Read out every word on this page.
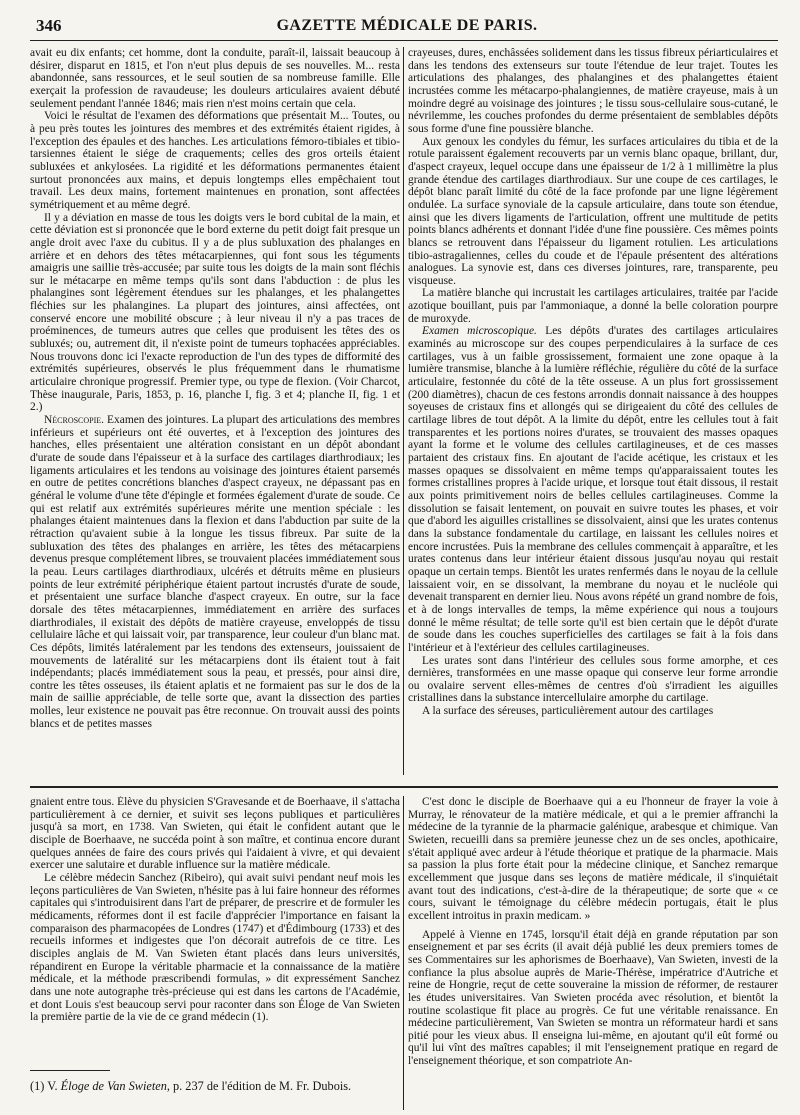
346	GAZETTE MÉDICALE DE PARIS.

avait eu dix enfants; cet homme, dont la conduite, paraît-il, laissait beaucoup à désirer, disparut en 1815, et l'on n'eut plus depuis de ses nouvelles. M... resta abandonnée, sans ressources, et le seul soutien de sa nombreuse famille. Elle exerçait la profession de ravaudeuse; les douleurs articulaires avaient débuté seulement pendant l'année 1846; mais rien n'est moins certain que cela.

Voici le résultat de l'examen des déformations que présentait M... Toutes, ou à peu près toutes les jointures des membres et des extrémités étaient rigides, à l'exception des épaules et des hanches. Les articulations fémoro-tibiales et tibio-tarsiennes étaient le siége de craquements; celles des gros orteils étaient subluxées et ankylosées. La rigidité et les déformations permanentes étaient surtout prononcées aux mains, et depuis longtemps elles empêchaient tout travail. Les deux mains, fortement maintenues en pronation, sont affectées symétriquement et au même degré.

Il y a déviation en masse de tous les doigts vers le bord cubital de la main, et cette déviation est si prononcée que le bord externe du petit doigt fait presque un angle droit avec l'axe du cubitus. Il y a de plus subluxation des phalanges en arrière et en dehors des têtes métacarpiennes, qui font sous les téguments amaigris une saillie très-accusée; par suite tous les doigts de la main sont fléchis sur le métacarpe en même temps qu'ils sont dans l'abduction : de plus les phalangines sont légèrement étendues sur les phalanges, et les phalangettes fléchies sur les phalangines. La plupart des jointures, ainsi affectées, ont conservé encore une mobilité obscure ; à leur niveau il n'y a pas traces de proéminences, de tumeurs autres que celles que produisent les têtes des os subluxés; ou, autrement dit, il n'existe point de tumeurs tophacées appréciables. Nous trouvons donc ici l'exacte reproduction de l'un des types de difformité des extrémités supérieures, observés le plus fréquemment dans le rhumatisme articulaire chronique progressif. Premier type, ou type de flexion. (Voir Charcot, Thèse inaugurale, Paris, 1853, p. 16, planche I, fig. 3 et 4; planche II, fig. 1 et 2.)

Nécroscopie. Examen des jointures. La plupart des articulations des membres inférieurs et supérieurs ont été ouvertes, et à l'exception des jointures des hanches, elles présentaient une altération consistant en un dépôt abondant d'urate de soude dans l'épaisseur et à la surface des cartilages diarthrodiaux; les ligaments articulaires et les tendons au voisinage des jointures étaient parsemés en outre de petites concrétions blanches d'aspect crayeux, ne dépassant pas en général le volume d'une tête d'épingle et formées également d'urate de soude. Ce qui est relatif aux extrémités supérieures mérite une mention spéciale : les phalanges étaient maintenues dans la flexion et dans l'abduction par suite de la rétraction qu'avaient subie à la longue les tissus fibreux. Par suite de la subluxation des têtes des phalanges en arrière, les têtes des métacarpiens devenus presque complétement libres, se trouvaient placées immédiatement sous la peau. Leurs cartilages diarthrodiaux, ulcérés et détruits même en plusieurs points de leur extrémité périphérique étaient partout incrustés d'urate de soude, et présentaient une surface blanche d'aspect crayeux. En outre, sur la face dorsale des têtes métacarpiennes, immédiatement en arrière des surfaces diarthrodiales, il existait des dépôts de matière crayeuse, enveloppés de tissu cellulaire lâche et qui laissait voir, par transparence, leur couleur d'un blanc mat. Ces dépôts, limités latéralement par les tendons des extenseurs, jouissaient de mouvements de latéralité sur les métacarpiens dont ils étaient tout à fait indépendants; placés immédiatement sous la peau, et pressés, pour ainsi dire, contre les têtes osseuses, ils étaient aplatis et ne formaient pas sur le dos de la main de saillie appréciable, de telle sorte que, avant la dissection des parties molles, leur existence ne pouvait pas être reconnue. On trouvait aussi des points blancs et de petites masses

crayeuses, dures, enchâssées solidement dans les tissus fibreux périarticulaires et dans les tendons des extenseurs sur toute l'étendue de leur trajet. Toutes les articulations des phalanges, des phalangines et des phalangettes étaient incrustées comme les métacarpo-phalangiennes, de matière crayeuse, mais à un moindre degré au voisinage des jointures ; le tissu sous-cellulaire sous-cutané, le névrilemme, les couches profondes du derme présentaient de semblables dépôts sous forme d'une fine poussière blanche.

Aux genoux les condyles du fémur, les surfaces articulaires du tibia et de la rotule paraissent également recouverts par un vernis blanc opaque, brillant, dur, d'aspect crayeux, lequel occupe dans une épaisseur de 1/2 à 1 millimètre la plus grande étendue des cartilages diarthrodiaux. Sur une coupe de ces cartilages, le dépôt blanc paraît limité du côté de la face profonde par une ligne légèrement ondulée. La surface synoviale de la capsule articulaire, dans toute son étendue, ainsi que les divers ligaments de l'articulation, offrent une multitude de petits points blancs adhérents et donnant l'idée d'une fine poussière. Ces mêmes points blancs se retrouvent dans l'épaisseur du ligament rotulien. Les articulations tibio-astragaliennes, celles du coude et de l'épaule présentent des altérations analogues. La synovie est, dans ces diverses jointures, rare, transparente, peu visqueuse.

La matière blanche qui incrustait les cartilages articulaires, traitée par l'acide azotique bouillant, puis par l'ammoniaque, a donné la belle coloration pourpre de muroxyde.

Examen microscopique. Les dépôts d'urates des cartilages articulaires examinés au microscope sur des coupes perpendiculaires à la surface de ces cartilages, vus à un faible grossissement, formaient une zone opaque à la lumière transmise, blanche à la lumière réfléchie, régulière du côté de la surface articulaire, festonnée du côté de la tête osseuse. A un plus fort grossissement (200 diamètres), chacun de ces festons arrondis donnait naissance à des houppes soyeuses de cristaux fins et allongés qui se dirigeaient du côté des cellules de cartilage libres de tout dépôt. A la limite du dépôt, entre les cellules tout à fait transparentes et les portions noires d'urates, se trouvaient des masses opaques ayant la forme et le volume des cellules cartilagineuses, et de ces masses partaient des cristaux fins. En ajoutant de l'acide acétique, les cristaux et les masses opaques se dissolvaient en même temps qu'apparaissaient toutes les formes cristallines propres à l'acide urique, et lorsque tout était dissous, il restait aux points primitivement noirs de belles cellules cartilagineuses. Comme la dissolution se faisait lentement, on pouvait en suivre toutes les phases, et voir que d'abord les aiguilles cristallines se dissolvaient, ainsi que les urates contenus dans la substance fondamentale du cartilage, en laissant les cellules noires et encore incrustées. Puis la membrane des cellules commençait à apparaître, et les urates contenus dans leur intérieur étaient dissous jusqu'au noyau qui restait opaque un certain temps. Bientôt les urates renfermés dans le noyau de la cellule laissaient voir, en se dissolvant, la membrane du noyau et le nucléole qui devenait transparent en dernier lieu. Nous avons répété un grand nombre de fois, et à de longs intervalles de temps, la même expérience qui nous a toujours donné le même résultat; de telle sorte qu'il est bien certain que le dépôt d'urate de soude dans les couches superficielles des cartilages se fait à la fois dans l'intérieur et à l'extérieur des cellules cartilagineuses.

Les urates sont dans l'intérieur des cellules sous forme amorphe, et ces dernières, transformées en une masse opaque qui conserve leur forme arrondie ou ovalaire servent elles-mêmes de centres d'où s'irradient les aiguilles cristallines dans la substance intercellulaire amorphe du cartilage.

A la surface des séreuses, particulièrement autour des cartilages

gnaient entre tous. Élève du physicien S'Gravesande et de Boerhaave, il s'attacha particulièrement à ce dernier, et suivit ses leçons publiques et particulières jusqu'à sa mort, en 1738. Van Swieten, qui était le confident autant que le disciple de Boerhaave, ne succéda point à son maître, et continua encore durant quelques années de faire des cours privés qui l'aidaient à vivre, et qui devaient exercer une salutaire et durable influence sur la matière médicale.

Le célèbre médecin Sanchez (Ribeiro), qui avait suivi pendant neuf mois les leçons particulières de Van Swieten, n'hésite pas à lui faire honneur des réformes capitales qui s'introduisirent dans l'art de préparer, de prescrire et de formuler les médicaments, réformes dont il est facile d'apprécier l'importance en faisant la comparaison des pharmacopées de Londres (1747) et d'Édimbourg (1733) et des recueils informes et indigestes que l'on décorait autrefois de ce titre. Les disciples anglais de M. Van Swieten étant placés dans leurs universités, répandirent en Europe la véritable pharmacie et la connaissance de la matière médicale, et la méthode præscribendi formulas, » dit expressément Sanchez dans une note autographe très-précieuse qui est dans les cartons de l'Académie, et dont Louis s'est beaucoup servi pour raconter dans son Éloge de Van Swieten la première partie de la vie de ce grand médecin (1).

C'est donc le disciple de Boerhaave qui a eu l'honneur de frayer la voie à Murray, le rénovateur de la matière médicale, et qui a le premier affranchi la médecine de la tyrannie de la pharmacie galénique, arabesque et chimique. Van Swieten, recueilli dans sa première jeunesse chez un de ses oncles, apothicaire, s'était appliqué avec ardeur à l'étude théorique et pratique de la pharmacie. Mais sa passion la plus forte était pour la médecine clinique, et Sanchez remarque excellemment que jusque dans ses leçons de matière médicale, il s'inquiétait avant tout des indications, c'est-à-dire de la thérapeutique; de sorte que « ce cours, suivant le témoignage du célèbre médecin portugais, était le plus excellent introitus in praxin medicam. »

Appelé à Vienne en 1745, lorsqu'il était déjà en grande réputation par son enseignement et par ses écrits (il avait déjà publié les deux premiers tomes de ses Commentaires sur les aphorismes de Boerhaave), Van Swieten, investi de la confiance la plus absolue auprès de Marie-Thérèse, impératrice d'Autriche et reine de Hongrie, reçut de cette souveraine la mission de réformer, de restaurer les études universitaires. Van Swieten procéda avec résolution, et bientôt la routine scolastique fit place au progrès. Ce fut une véritable renaissance. En médecine particulièrement, Van Swieten se montra un réformateur hardi et sans pitié pour les vieux abus. Il enseigna lui-même, en ajoutant qu'il eût formé ou qu'il lui vînt des maîtres capables; il mit l'enseignement pratique en regard de l'enseignement théorique, et son compatriote An-

(1) V. Éloge de Van Swieten, p. 237 de l'édition de M. Fr. Dubois.
